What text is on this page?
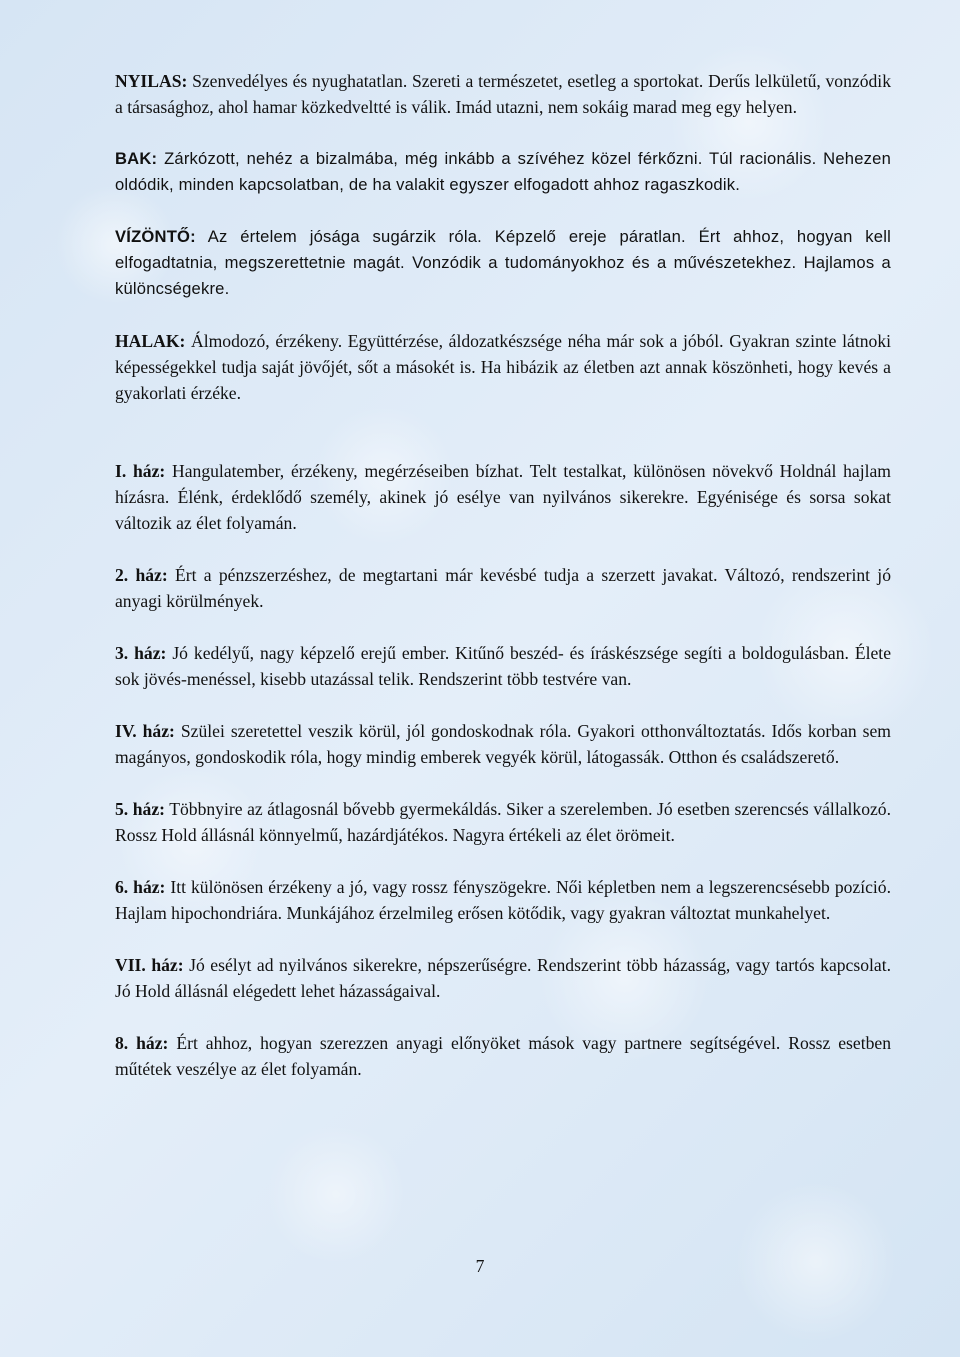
NYILAS: Szenvedélyes és nyughatatlan. Szereti a természetet, esetleg a sportokat. Derűs lelkületű, vonzódik a társasághoz, ahol hamar közkedveltté is válik. Imád utazni, nem sokáig marad meg egy helyen.

BAK: Zárkózott, nehéz a bizalmába, még inkább a szívéhez közel férkőzni. Túl racionális. Nehezen oldódik, minden kapcsolatban, de ha valakit egyszer elfogadott ahhoz ragaszkodik.

VÍZÖNTŐ: Az értelem jósága sugárzik róla. Képzelő ereje páratlan. Ért ahhoz, hogyan kell elfogadtatnia, megszerettetnie magát. Vonzódik a tudományokhoz és a művészetekhez. Hajlamos a különcségekre.

HALAK: Álmodozó, érzékeny. Együttérzése, áldozatkészsége néha már sok a jóból. Gyakran szinte látnoki képességekkel tudja saját jövőjét, sőt a másokét is. Ha hibázik az életben azt annak köszönheti, hogy kevés a gyakorlati érzéke.

I. ház: Hangulatember, érzékeny, megérzéseiben bízhat. Telt testalkat, különösen növekvő Holdnál hajlam hízásra. Élénk, érdeklődő személy, akinek jó esélye van nyilvános sikerekre. Egyénisége és sorsa sokat változik az élet folyamán.

2. ház: Ért a pénzszerzéshez, de megtartani már kevésbé tudja a szerzett javakat. Változó, rendszerint jó anyagi körülmények.

3. ház: Jó kedélyű, nagy képzelő erejű ember. Kitűnő beszéd- és íráskészsége segíti a boldogulásban. Élete sok jövés-menéssel, kisebb utazással telik. Rendszerint több testvére van.

IV. ház: Szülei szeretettel veszik körül, jól gondoskodnak róla. Gyakori otthonváltoztatás. Idős korban sem magányos, gondoskodik róla, hogy mindig emberek vegyék körül, látogassák. Otthon és családszerető.

5. ház: Többnyire az átlagosnál bővebb gyermekáldás. Siker a szerelemben. Jó esetben szerencsés vállalkozó. Rossz Hold állásnál könnyelmű, hazárdjátékos. Nagyra értékeli az élet örömeit.

6. ház: Itt különösen érzékeny a jó, vagy rossz fényszögekre. Női képletben nem a legszerencsésebb pozíció. Hajlam hipochondriára. Munkájához érzelmileg erősen kötődik, vagy gyakran változtat munkahelyet.

VII. ház: Jó esélyt ad nyilvános sikerekre, népszerűségre. Rendszerint több házasság, vagy tartós kapcsolat. Jó Hold állásnál elégedett lehet házasságaival.

8. ház: Ért ahhoz, hogyan szerezzen anyagi előnyöket mások vagy partnere segítségével. Rossz esetben műtétek veszélye az élet folyamán.

7
